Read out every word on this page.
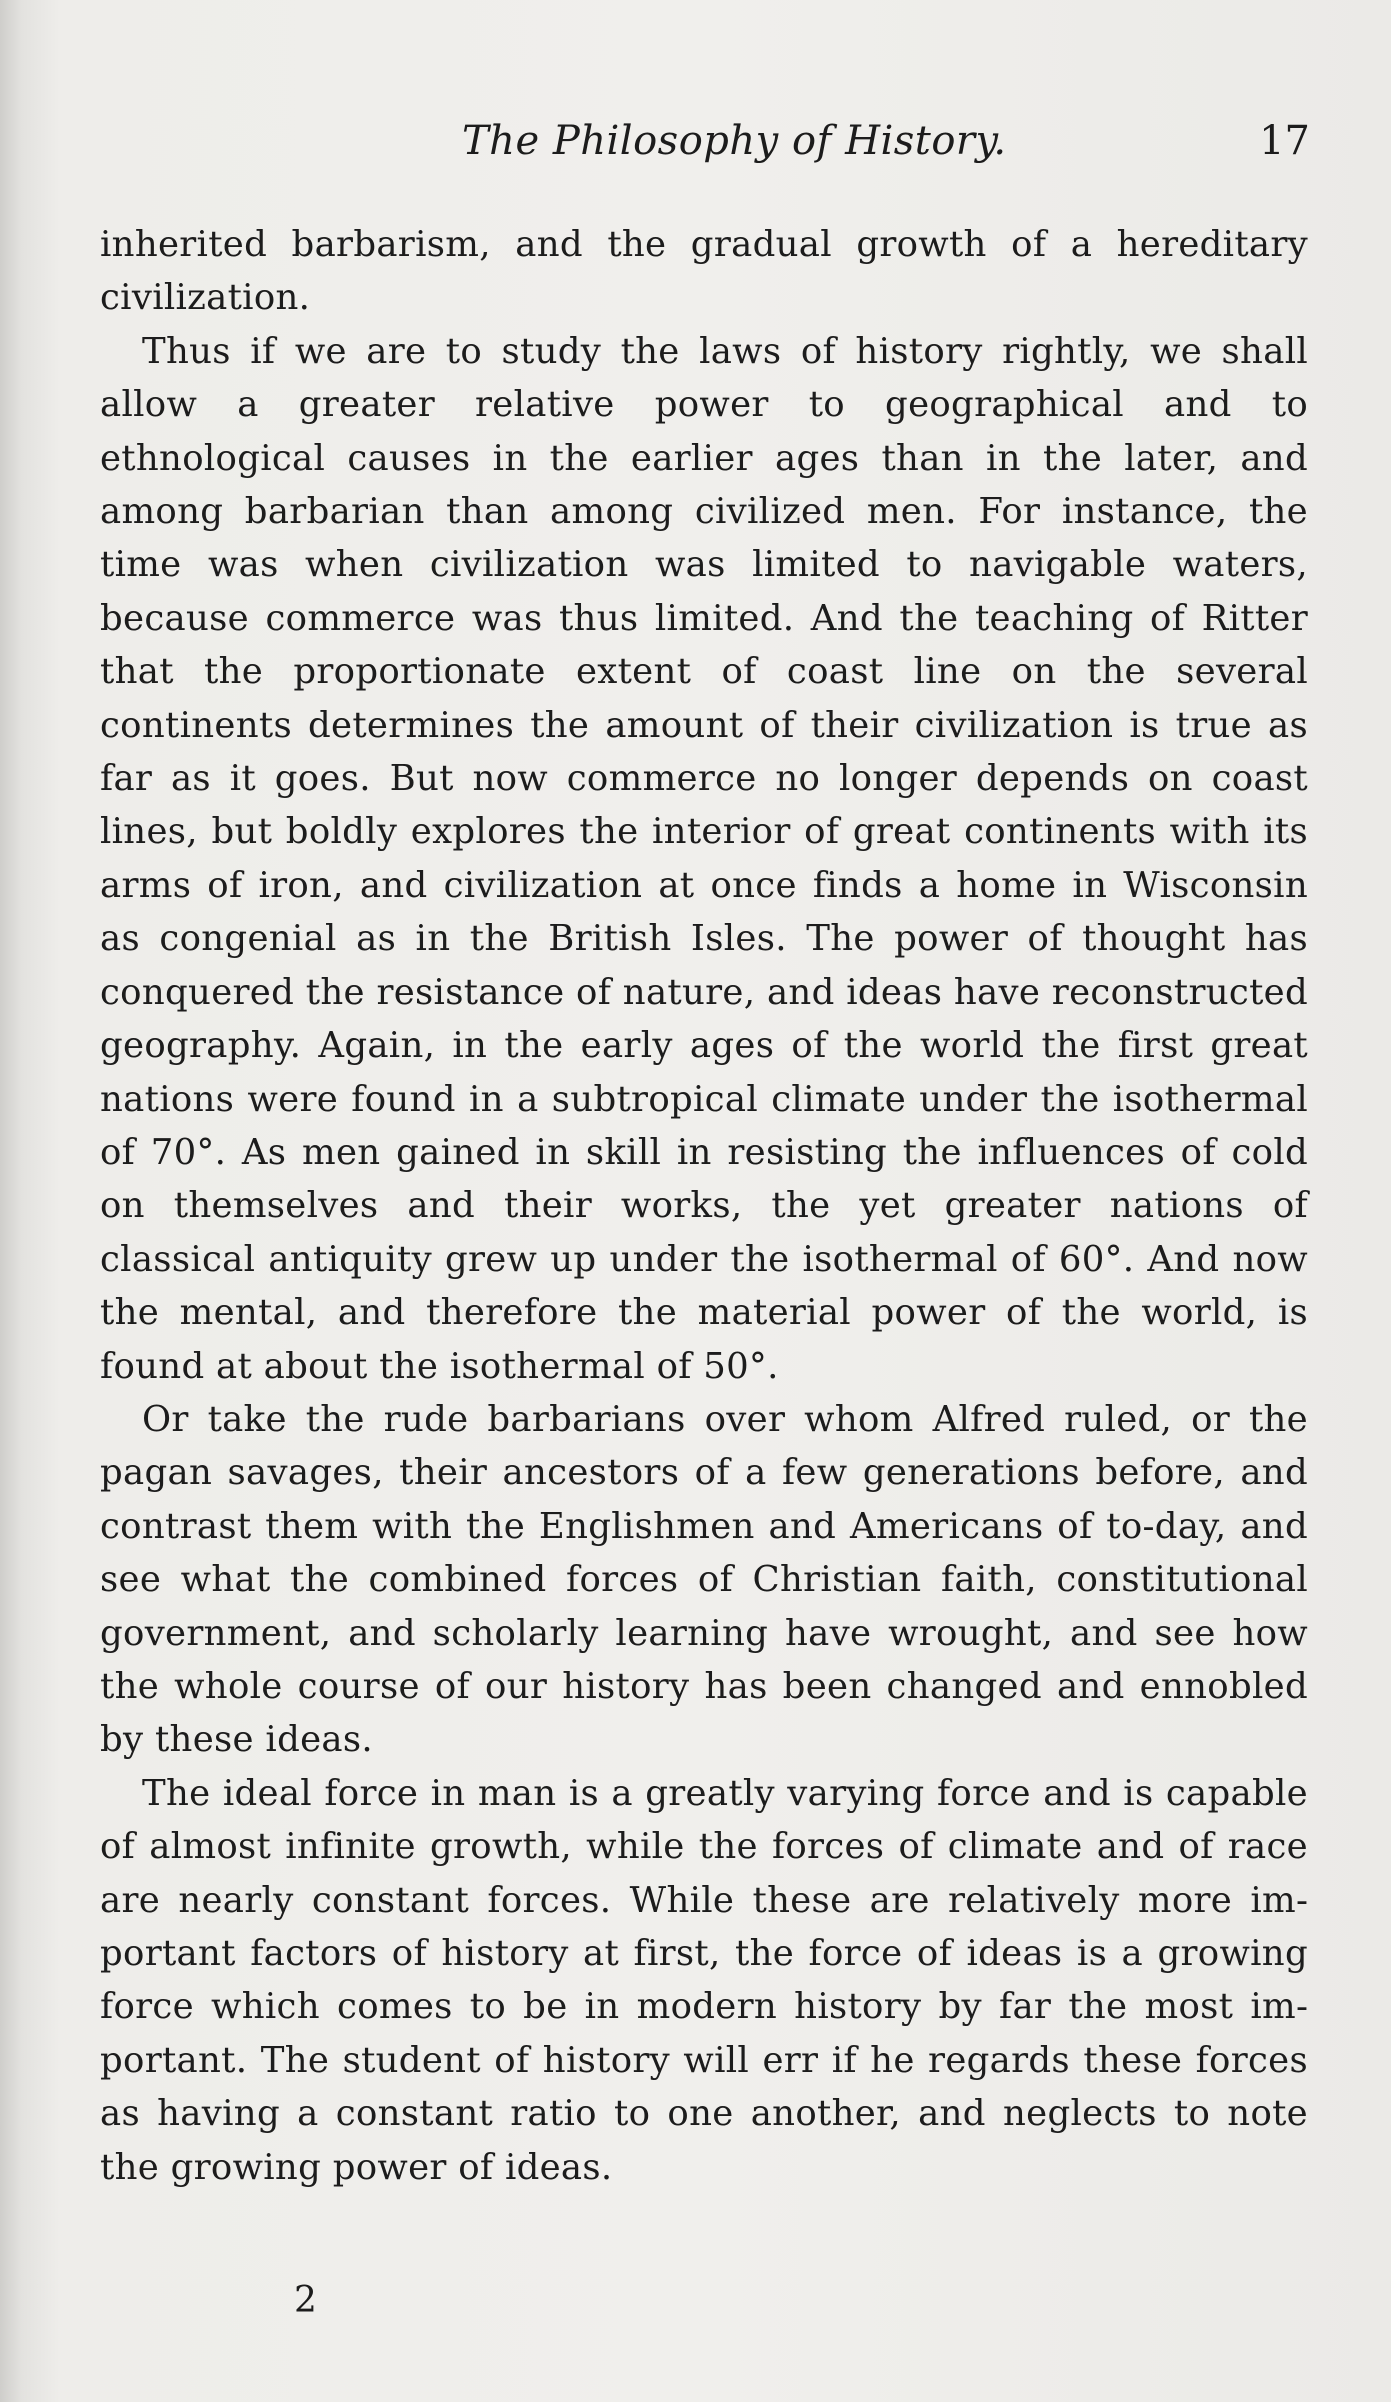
The Philosophy of History.	17

inherited barbarism, and the gradual growth of a hereditary civilization.

Thus if we are to study the laws of history rightly, we shall allow a greater relative power to geographical and to ethnological causes in the earlier ages than in the later, and among barbarian than among civilized men. For instance, the time was when civilization was limited to navigable waters, because commerce was thus limited. And the teaching of Ritter that the proportionate extent of coast line on the several continents determines the amount of their civilization is true as far as it goes. But now commerce no longer depends on coast lines, but boldly explores the interior of great continents with its arms of iron, and civilization at once finds a home in Wisconsin as congenial as in the British Isles. The power of thought has conquered the resistance of nature, and ideas have reconstructed geography. Again, in the early ages of the world the first great nations were found in a subtropical climate under the isothermal of 70°. As men gained in skill in resisting the influences of cold on themselves and their works, the yet greater nations of classical antiquity grew up under the isothermal of 60°. And now the mental, and therefore the material power of the world, is found at about the isothermal of 50°.

Or take the rude barbarians over whom Alfred ruled, or the pagan savages, their ancestors of a few generations before, and contrast them with the Englishmen and Americans of to-day, and see what the combined forces of Christian faith, constitutional government, and scholarly learning have wrought, and see how the whole course of our history has been changed and ennobled by these ideas.

The ideal force in man is a greatly varying force and is capable of almost infinite growth, while the forces of climate and of race are nearly constant forces. While these are relatively more important factors of history at first, the force of ideas is a growing force which comes to be in modern history by far the most important. The student of history will err if he regards these forces as having a constant ratio to one another, and neglects to note the growing power of ideas.

2
